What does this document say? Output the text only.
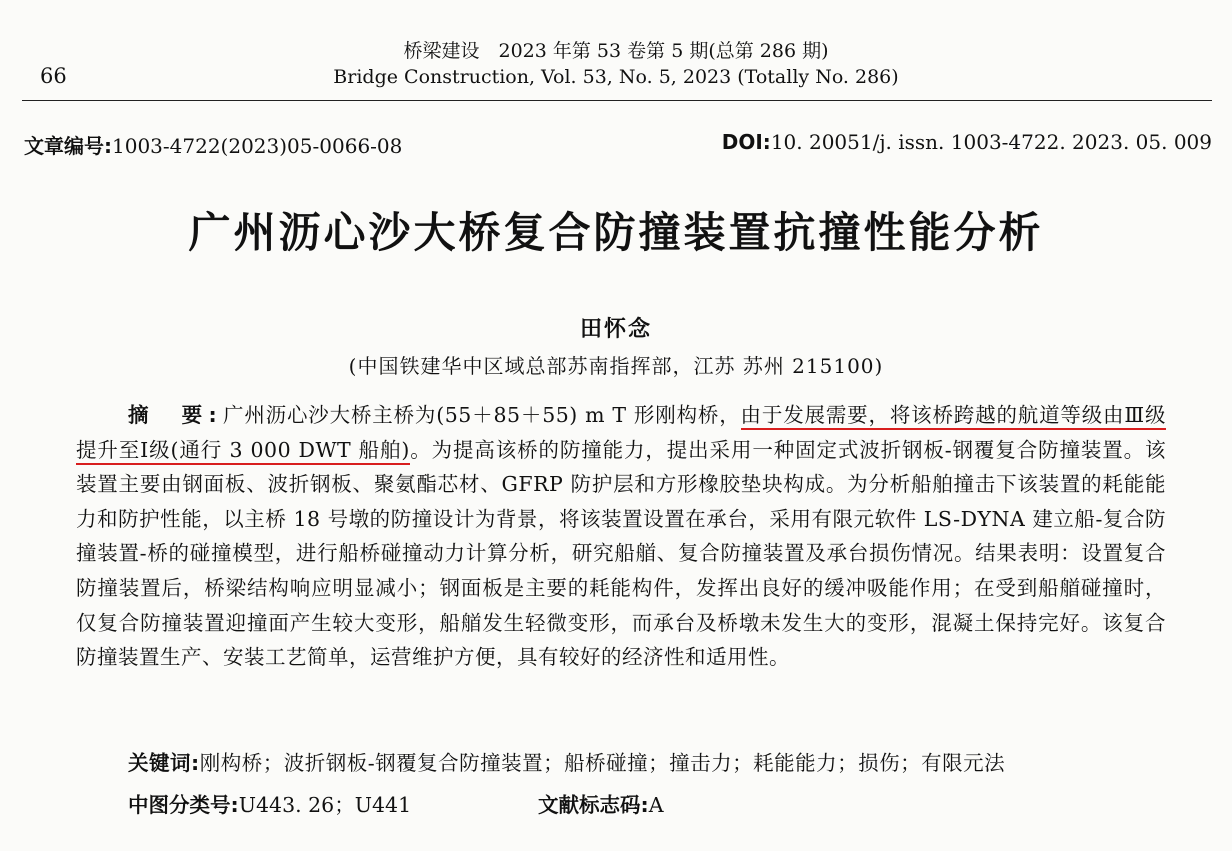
66
桥梁建设　2023 年第 53 卷第 5 期(总第 286 期)
Bridge Construction, Vol. 53, No. 5, 2023 (Totally No. 286)
文章编号:1003-4722(2023)05-0066-08	DOI:10. 20051/j. issn. 1003-4722. 2023. 05. 009
广州沥心沙大桥复合防撞装置抗撞性能分析
田怀念
(中国铁建华中区域总部苏南指挥部，江苏 苏州 215100)
摘　要:广州沥心沙大桥主桥为(55＋85＋55) m T 形刚构桥，由于发展需要，将该桥跨越的航道等级由Ⅲ级提升至Ⅰ级(通行 3 000 DWT 船舶)。为提高该桥的防撞能力，提出采用一种固定式波折钢板-钢覆复合防撞装置。该装置主要由钢面板、波折钢板、聚氨酯芯材、GFRP 防护层和方形橡胶垫块构成。为分析船舶撞击下该装置的耗能能力和防护性能，以主桥 18 号墩的防撞设计为背景，将该装置设置在承台，采用有限元软件 LS-DYNA 建立船-复合防撞装置-桥的碰撞模型，进行船桥碰撞动力计算分析，研究船艏、复合防撞装置及承台损伤情况。结果表明：设置复合防撞装置后，桥梁结构响应明显减小；钢面板是主要的耗能构件，发挥出良好的缓冲吸能作用；在受到船艏碰撞时，仅复合防撞装置迎撞面产生较大变形，船艏发生轻微变形，而承台及桥墩未发生大的变形，混凝土保持完好。该复合防撞装置生产、安装工艺简单，运营维护方便，具有较好的经济性和适用性。
关键词:刚构桥；波折钢板-钢覆复合防撞装置；船桥碰撞；撞击力；耗能能力；损伤；有限元法
中图分类号:U443. 26；U441	文献标志码:A
